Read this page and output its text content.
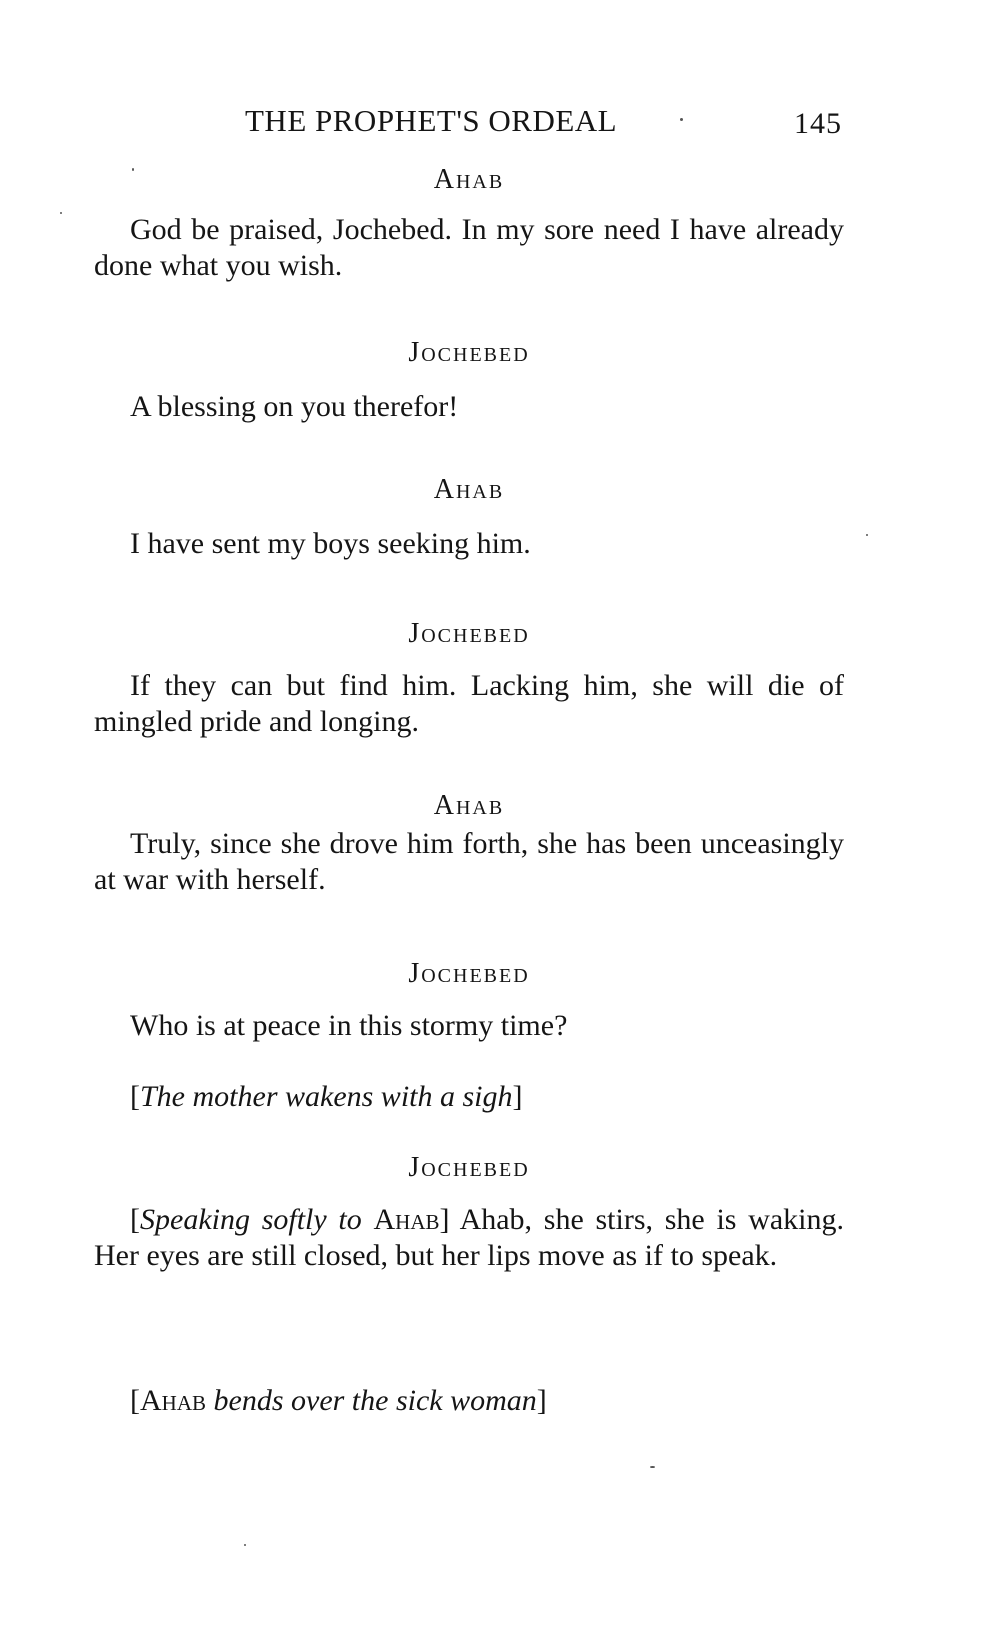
THE PROPHET'S ORDEAL	145
Ahab

God be praised, Jochebed. In my sore need I have already done what you wish.

Jochebed

A blessing on you therefor!

Ahab

I have sent my boys seeking him.

Jochebed

If they can but find him. Lacking him, she will die of mingled pride and longing.

Ahab

Truly, since she drove him forth, she has been unceasingly at war with herself.

Jochebed

Who is at peace in this stormy time?

[The mother wakens with a sigh]

Jochebed

[Speaking softly to Ahab] Ahab, she stirs, she is waking. Her eyes are still closed, but her lips move as if to speak.

[Ahab bends over the sick woman]
